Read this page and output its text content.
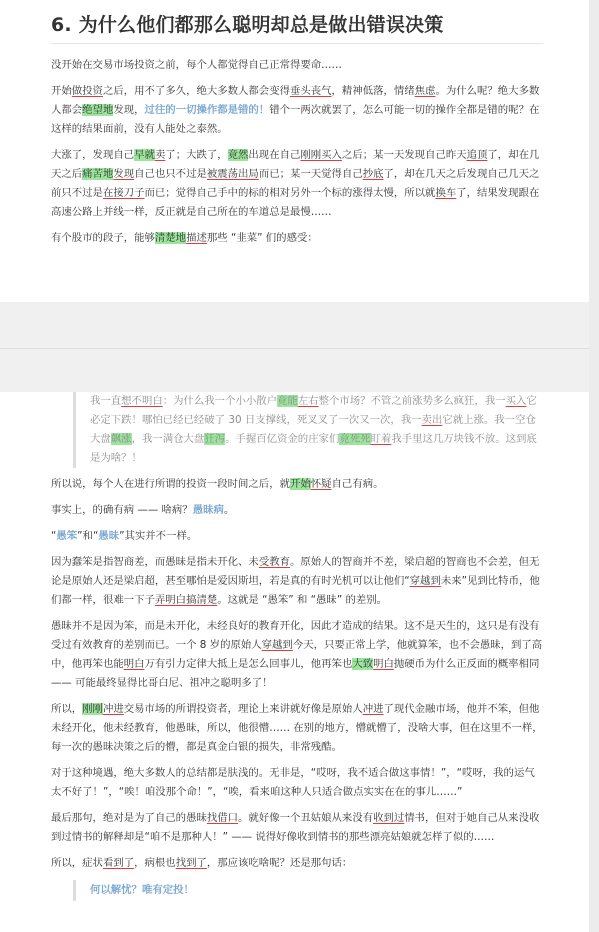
6. 为什么他们都那么聪明却总是做出错误决策

没开始在交易市场投资之前，每个人都觉得自己正常得要命……

开始做投资之后，用不了多久，绝大多数人都会变得垂头丧气，精神低落，情绪焦虑。为什么呢？绝大多数人都会绝望地发现，过往的一切操作都是错的！错个一两次就罢了，怎么可能一切的操作全都是错的呢？在这样的结果面前，没有人能处之泰然。

大涨了，发现自己早就卖了；大跌了，竟然出现在自己刚刚买入之后；某一天发现自己昨天追顶了，却在几天之后痛苦地发现自己也只不过是被震荡出局而已；某一天觉得自己抄底了，却在几天之后发现自己几天之前只不过是在接刀子而已；觉得自己手中的标的相对另外一个标的涨得太慢，所以就换车了，结果发现跟在高速公路上并线一样，反正就是自己所在的车道总是最慢……

有个股市的段子，能够清楚地描述那些 “韭菜” 们的感受：

我一直想不明白：为什么我一个小小散户竟能左右整个市场？不管之前涨势多么疯狂，我一买入它必定下跌！哪怕已经已经破了 30 日支撑线，死叉叉了一次又一次，我一卖出它就上涨。我一空仓大盘飙涨，我一满仓大盘狂泻。手握百亿资金的庄家们竟死死盯着我手里这几万块钱不放。这到底是为啥？！

所以说，每个人在进行所谓的投资一段时间之后，就开始怀疑自己有病。

事实上，的确有病 —— 啥病？愚昧病。

“愚笨”和“愚昧”其实并不一样。

因为蠢笨是指智商差，而愚昧是指未开化、未受教育。原始人的智商并不差，梁启超的智商也不会差，但无论是原始人还是梁启超，甚至哪怕是爱因斯坦，若是真的有时光机可以让他们“穿越到未来”见到比特币，他们都一样，很难一下子弄明白搞清楚。这就是 “愚笨” 和 “愚昧” 的差别。

愚昧并不是因为笨，而是未开化，未经良好的教育开化，因此才造成的结果。这不是天生的，这只是有没有受过有效教育的差别而已。一个 8 岁的原始人穿越到今天，只要正常上学，他就算笨，也不会愚昧，到了高中，他再笨也能明白万有引力定律大抵上是怎么回事儿，他再笨也大致明白抛硬币为什么正反面的概率相同 —— 可能最终显得比哥白尼、祖冲之聪明多了！

所以，刚刚冲进交易市场的所谓投资者，理论上来讲就好像是原始人冲进了现代金融市场，他并不笨，但他未经开化，他未经教育，他愚昧，所以，他很懵…… 在别的地方，懵就懵了，没啥大事，但在这里不一样，每一次的愚昧决策之后的懵，都是真金白银的损失，非常残酷。

对于这种境遇，绝大多数人的总结都是肤浅的。无非是，“哎呀，我不适合做这事情！”，“哎呀，我的运气太不好了！”，“唉！咱没那个命！”，“唉，看来咱这种人只适合做点实实在在的事儿……”

最后那句，绝对是为了自己的愚昧找借口。就好像一个丑姑娘从来没有收到过情书，但对于她自己从来没收到过情书的解释却是“咱不是那种人！” —— 说得好像收到情书的那些漂亮姑娘就怎样了似的……

所以，症状看到了，病根也找到了，那应该吃啥呢？还是那句话：

何以解忧？唯有定投！
